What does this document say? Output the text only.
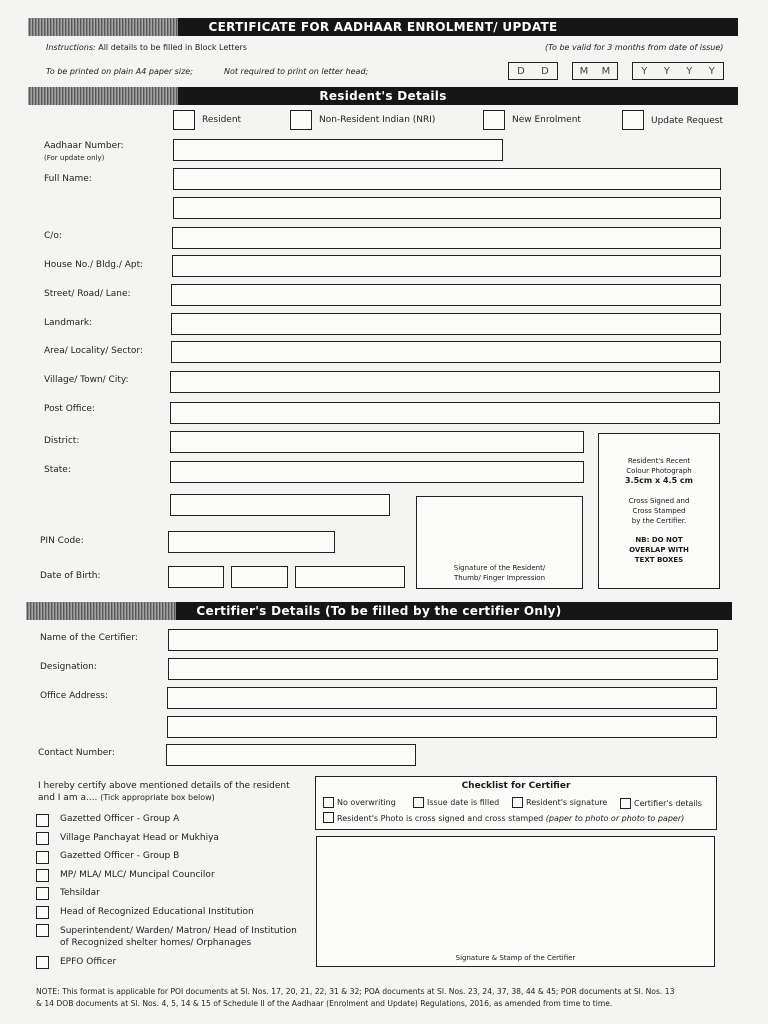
CERTIFICATE FOR AADHAAR ENROLMENT/ UPDATE
Instructions: All details to be filled in Block Letters	(To be valid for 3 months from date of issue)
To be printed on plain A4 paper size;	Not required to print on letter head;	D D	M M	Y Y Y Y
Resident's Details
Resident	Non-Resident Indian (NRI)	New Enrolment	Update Request
Aadhaar Number:
(For update only)
Full Name:
C/o:
House No./ Bldg./ Apt:
Street/ Road/ Lane:
Landmark:
Area/ Locality/ Sector:
Village/ Town/ City:
Post Office:
District:
State:
PIN Code:
Date of Birth:
Signature of the Resident/
Thumb/ Finger Impression
Resident's Recent
Colour Photograph
3.5cm x 4.5 cm
Cross Signed and
Cross Stamped
by the Certifier.
NB: DO NOT
OVERLAP WITH
TEXT BOXES
Certifier's Details (To be filled by the certifier Only)
Name of the Certifier:
Designation:
Office Address:
Contact Number:
I hereby certify above mentioned details of the resident
and I am a.... (Tick appropriate box below)
Gazetted Officer - Group A
Village Panchayat Head or Mukhiya
Gazetted Officer - Group B
MP/ MLA/ MLC/ Muncipal Councilor
Tehsildar
Head of Recognized Educational Institution
Superintendent/ Warden/ Matron/ Head of Institution
of Recognized shelter homes/ Orphanages
EPFO Officer
Checklist for Certifier
No overwriting	Issue date is filled	Resident's signature	Certifier's details
Resident's Photo is cross signed and cross stamped (paper to photo or photo to paper)
Signature & Stamp of the Certifier
NOTE: This format is applicable for POI documents at Sl. Nos. 17, 20, 21, 22, 31 & 32; POA documents at Sl. Nos. 23, 24, 37, 38, 44 & 45; POR documents at Sl. Nos. 13
& 14 DOB documents at Sl. Nos. 4, 5, 14 & 15 of Schedule II of the Aadhaar (Enrolment and Update) Regulations, 2016, as amended from time to time.
